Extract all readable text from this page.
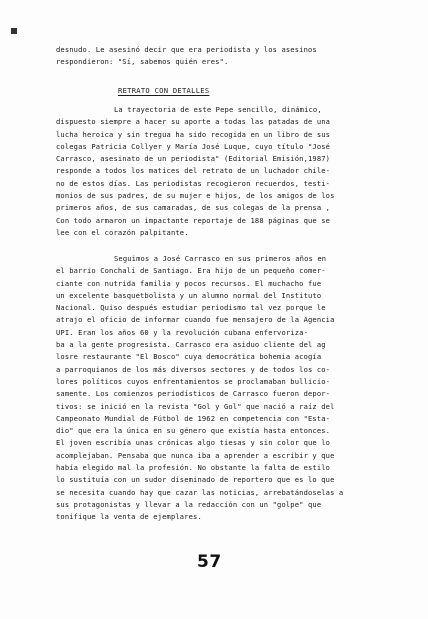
desnudo. Le asesinó decir que era periodista y los asesinos
respondieron: "Sí, sabemos quién eres".
RETRATO CON DETALLES
La trayectoria de este Pepe sencillo, dinámico,
dispuesto siempre a hacer su aporte a todas las patadas de una
lucha heroica y sin tregua ha sido recogida en un libro de sus
colegas Patricia Collyer y María José Luque, cuyo título "José
Carrasco, asesinato de un periodista" (Editorial Emisión,1987)
responde a todos los matices del retrato de un luchador chile-
no de estos días. Las periodistas recogieron recuerdos, testi-
monios de sus padres, de su mujer e hijos, de los amigos de los
primeros años, de sus camaradas, de sus colegas de la prensa ,
Con todo armaron un impactante reportaje de 188 páginas que se
lee con el corazón palpitante.
Seguimos a José Carrasco en sus primeros años en
el barrio Conchalí de Santiago. Era hijo de un pequeño comer-
ciante con nutrida familia y pocos recursos. El muchacho fue
un excelente basquetbolista y un alumno normal del Instituto
Nacional. Quiso después estudiar periodismo tal vez porque le
atrajo el oficio de informar cuando fue mensajero de la Agencia
UPI. Eran los años 60 y la revolución cubana enfervoriza-
ba a la gente progresista. Carrasco era asiduo cliente del ag
losre restaurante "El Bosco" cuya democrática bohemia acogía
a parroquianos de los más diversos sectores y de todos los co-
lores políticos cuyos enfrentamientos se proclamaban bullicio-
samente. Los comienzos periodísticos de Carrasco fueron depor-
tivos: se inició en la revista "Gol y Gol" que nació a raíz del
Campeonato Mundial de Fútbol de 1962 en competencia con "Esta-
dio" que era la única en su género que existía hasta entonces.
El joven escribía unas crónicas algo tiesas y sin color que lo
acomplejaban. Pensaba que nunca iba a aprender a escribir y que
había elegido mal la profesión. No obstante la falta de estilo
lo sustituía con un sudor diseminado de reportero que es lo que
se necesita cuando hay que cazar las noticias, arrebatándoselas a
sus protagonistas y llevar a la redacción con un "golpe" que
tonifique la venta de ejemplares.
57
